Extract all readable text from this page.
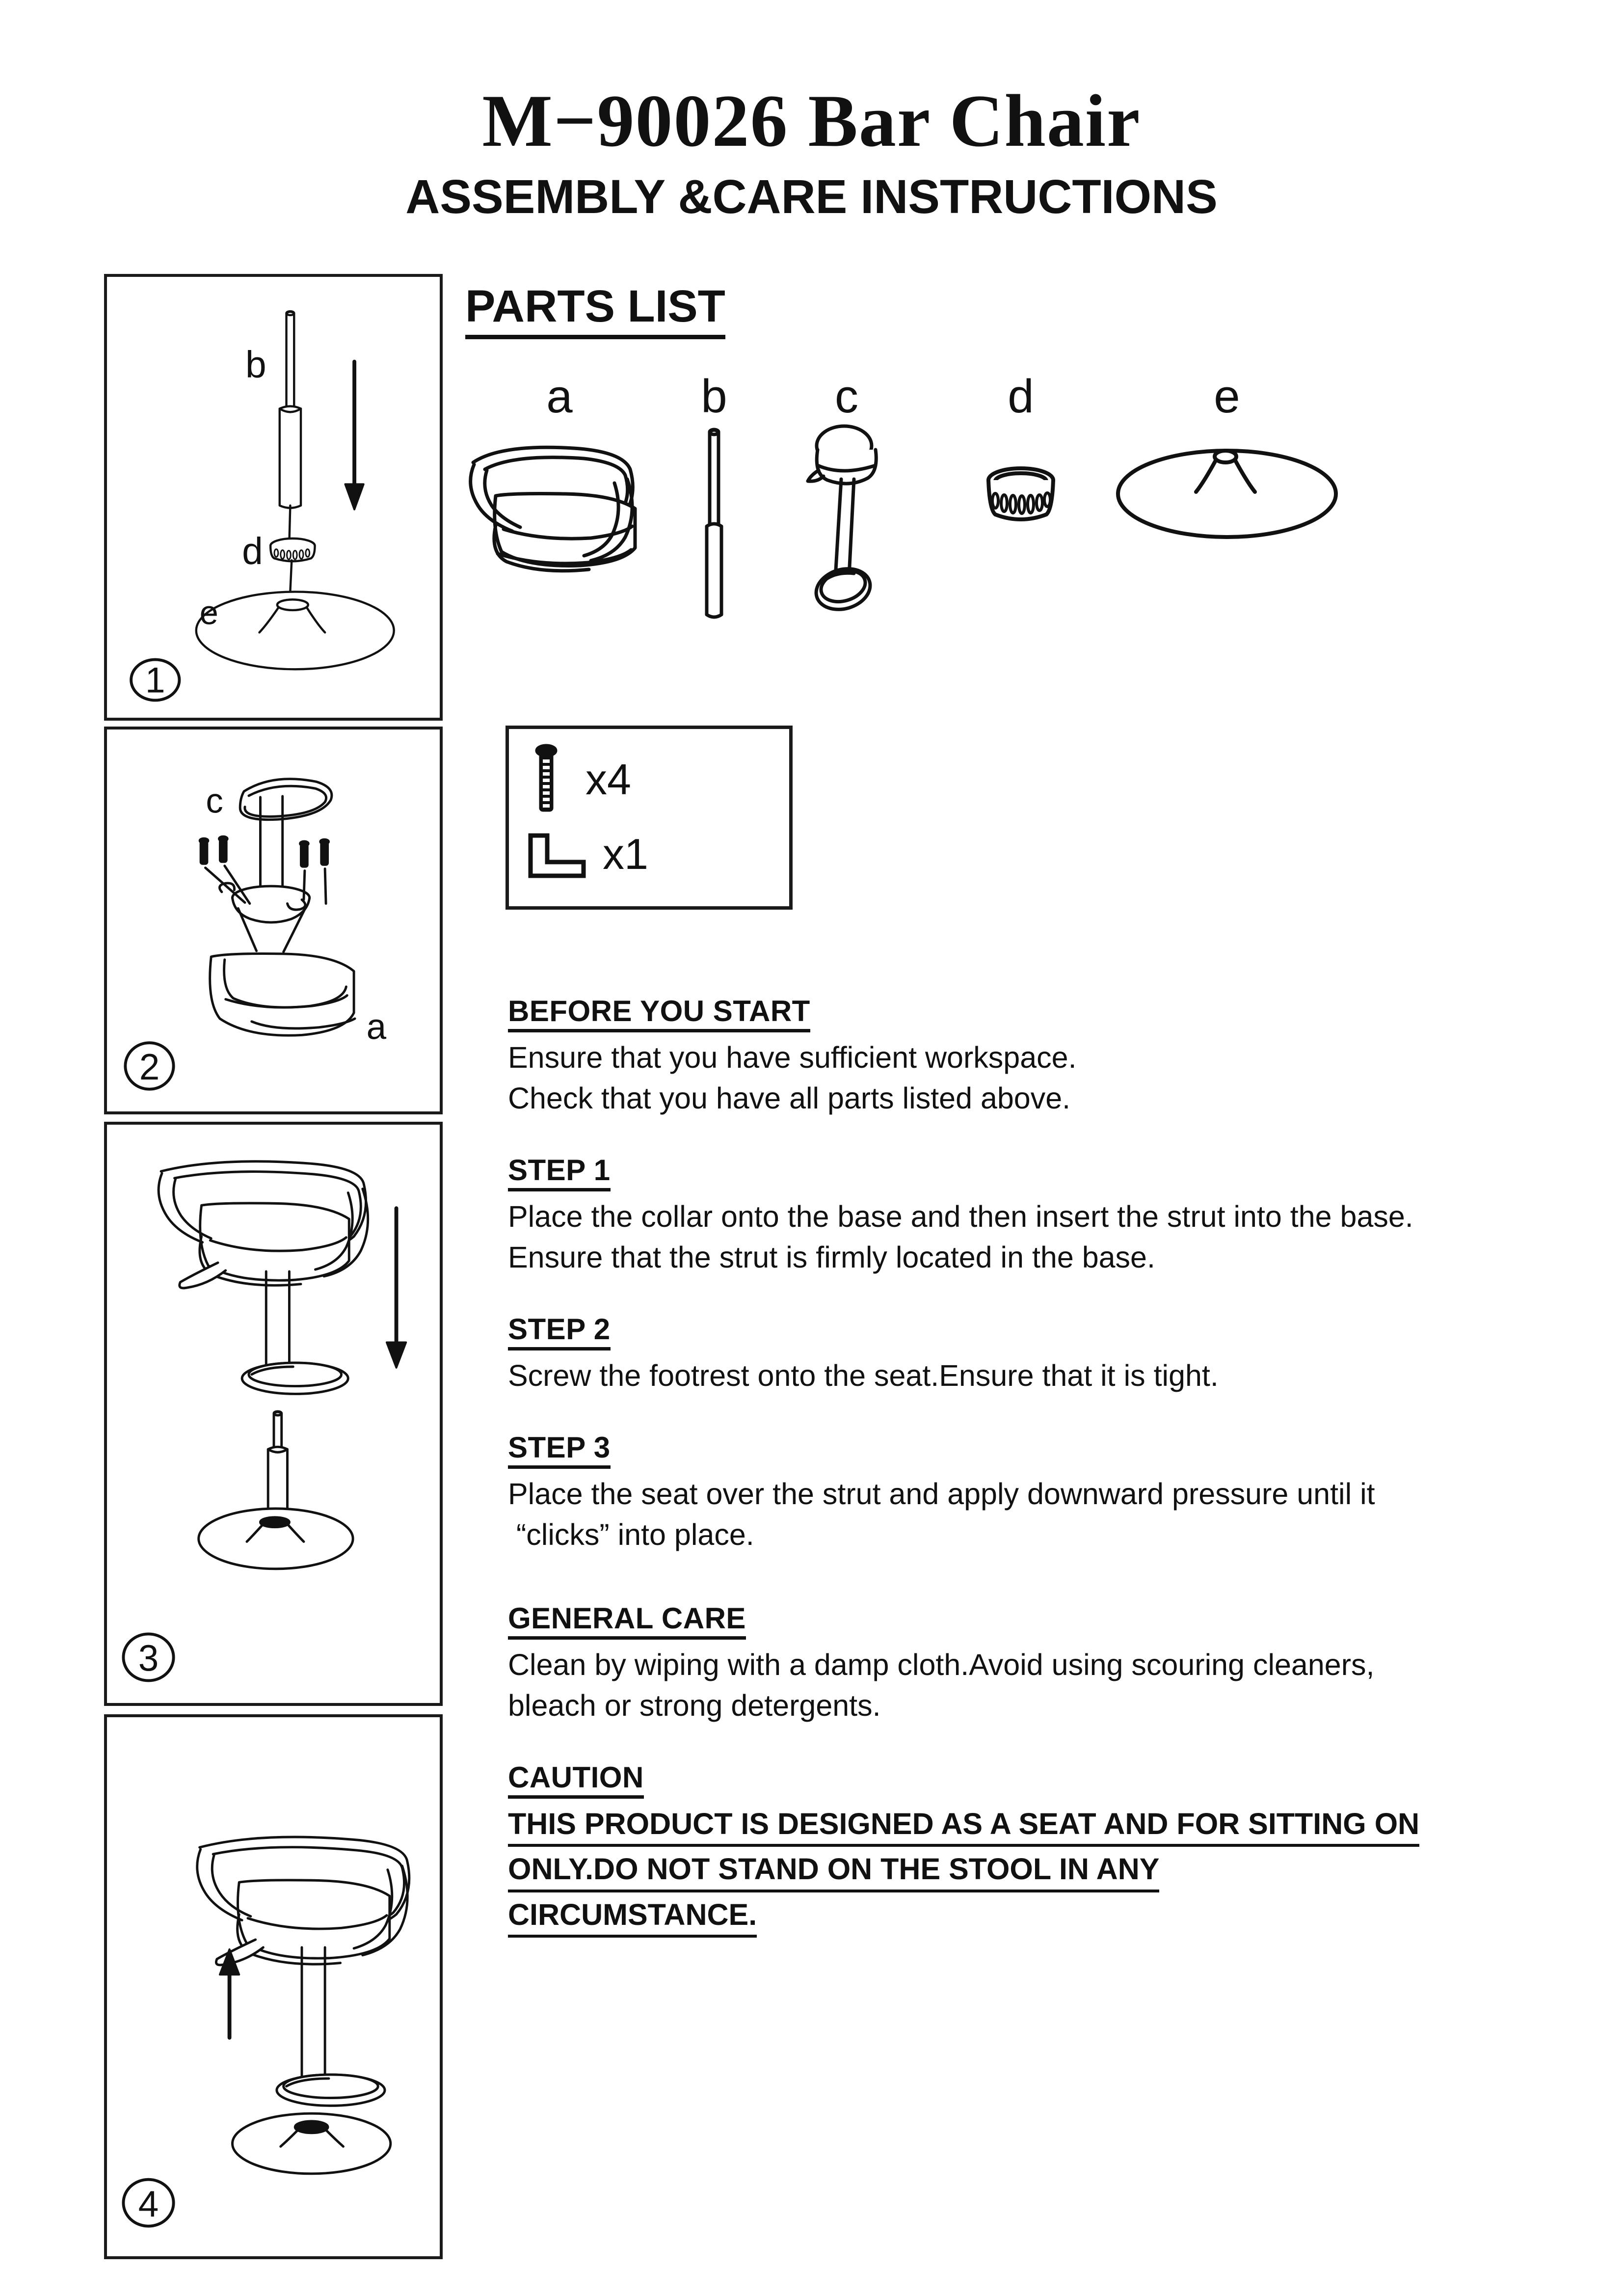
M−90026 Bar Chair
ASSEMBLY &CARE INSTRUCTIONS
b
d
e
1
c
a
2
3
4
PARTS LIST
a	b	c	d	e
x4
x1
BEFORE YOU START

Ensure that you have sufficient workspace.

Check that you have all parts listed above.

STEP 1

Place the collar onto the base and then insert the strut into the base.

Ensure that the strut is firmly located in the base.

STEP 2

Screw the footrest onto the seat.Ensure that it is tight.

STEP 3

Place the seat over the strut and apply downward pressure until it

“clicks” into place.

GENERAL CARE

Clean by wiping with a damp cloth.Avoid using scouring cleaners,

bleach or strong detergents.

CAUTION

THIS PRODUCT IS DESIGNED AS A SEAT AND FOR SITTING ON

ONLY.DO NOT STAND ON THE STOOL IN ANY

CIRCUMSTANCE.
